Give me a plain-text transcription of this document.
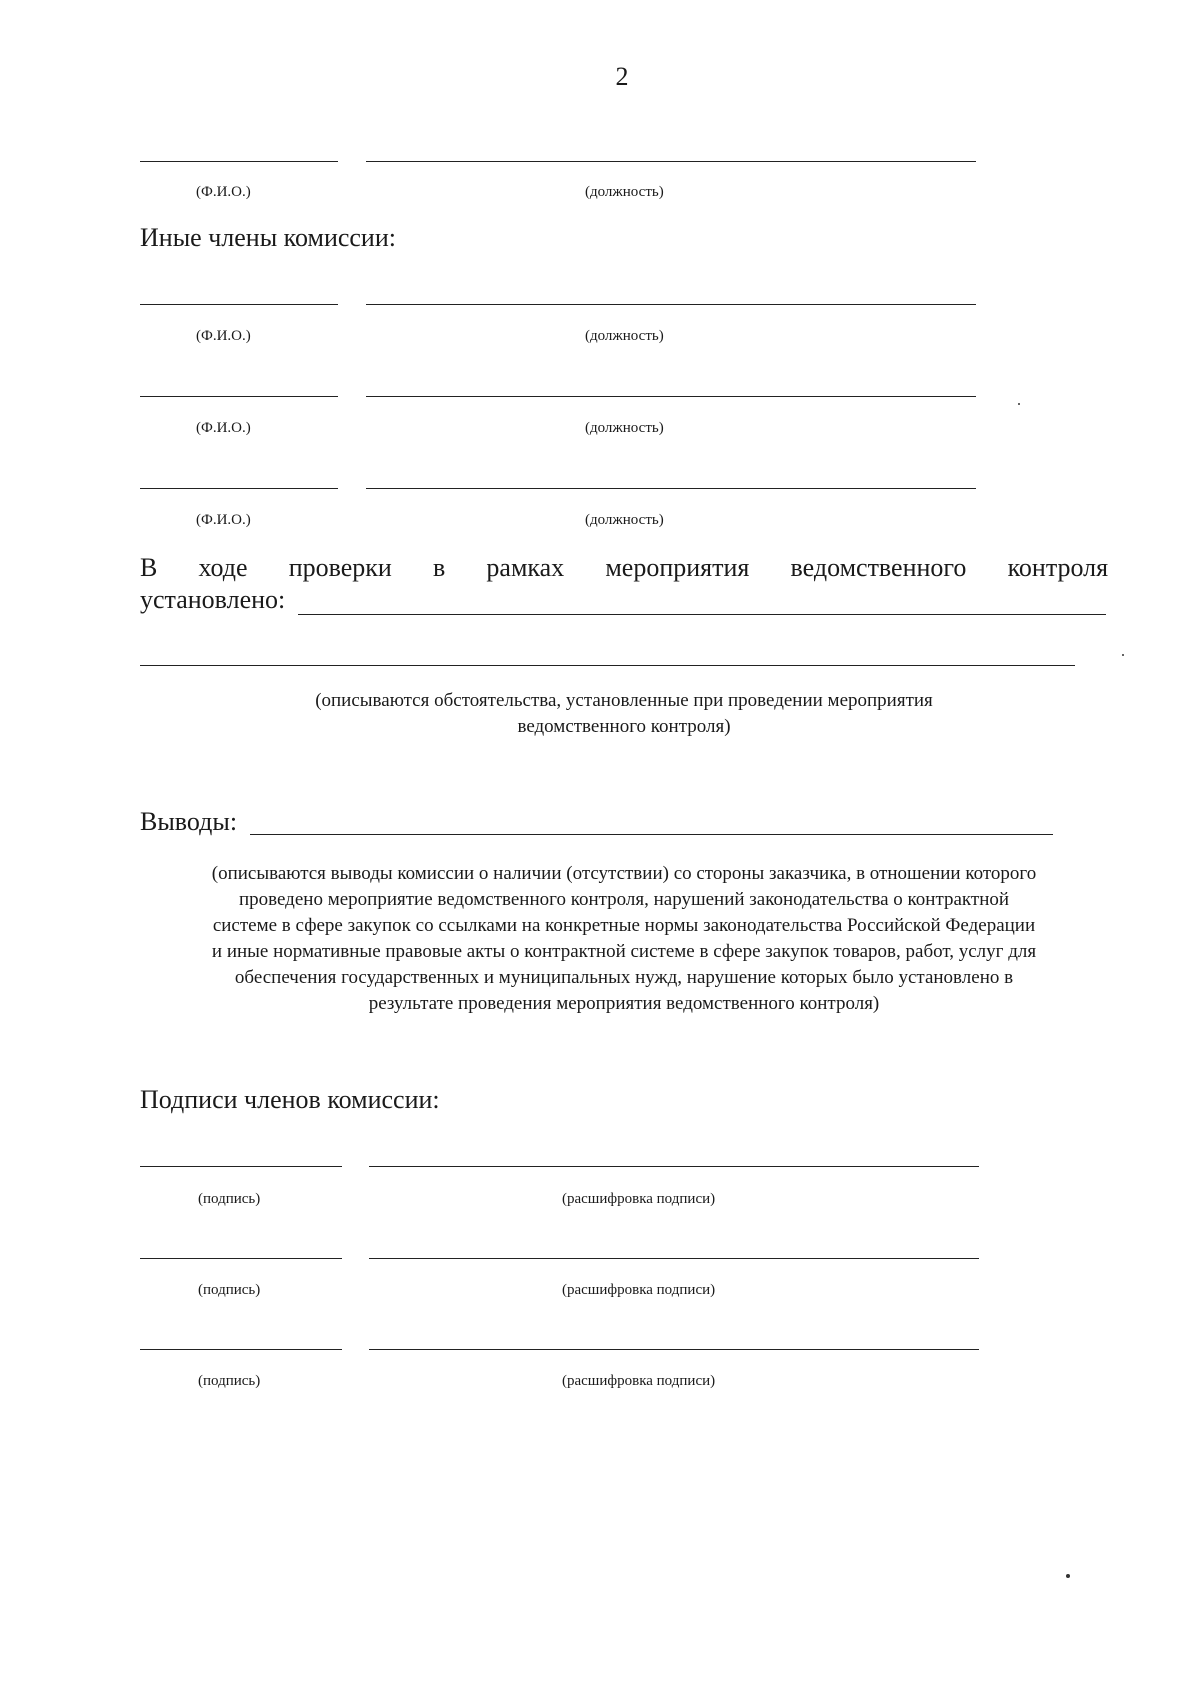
2
(Ф.И.О.)	(должность)
Иные члены комиссии:
(Ф.И.О.)	(должность)
(Ф.И.О.)	(должность)
(Ф.И.О.)	(должность)
В ходе проверки в рамках мероприятия ведомственного контроля
установлено:
(описываются обстоятельства, установленные при проведении мероприятия
ведомственного контроля)
Выводы:
(описываются выводы комиссии о наличии (отсутствии) со стороны заказчика, в отношении которого
проведено мероприятие ведомственного контроля, нарушений законодательства о контрактной
системе в сфере закупок со ссылками на конкретные нормы законодательства Российской Федерации
и иные нормативные правовые акты о контрактной системе в сфере закупок товаров, работ, услуг для
обеспечения государственных и муниципальных нужд, нарушение которых было установлено в
результате проведения мероприятия ведомственного контроля)
Подписи членов комиссии:
(подпись)	(расшифровка подписи)
(подпись)	(расшифровка подписи)
(подпись)	(расшифровка подписи)
